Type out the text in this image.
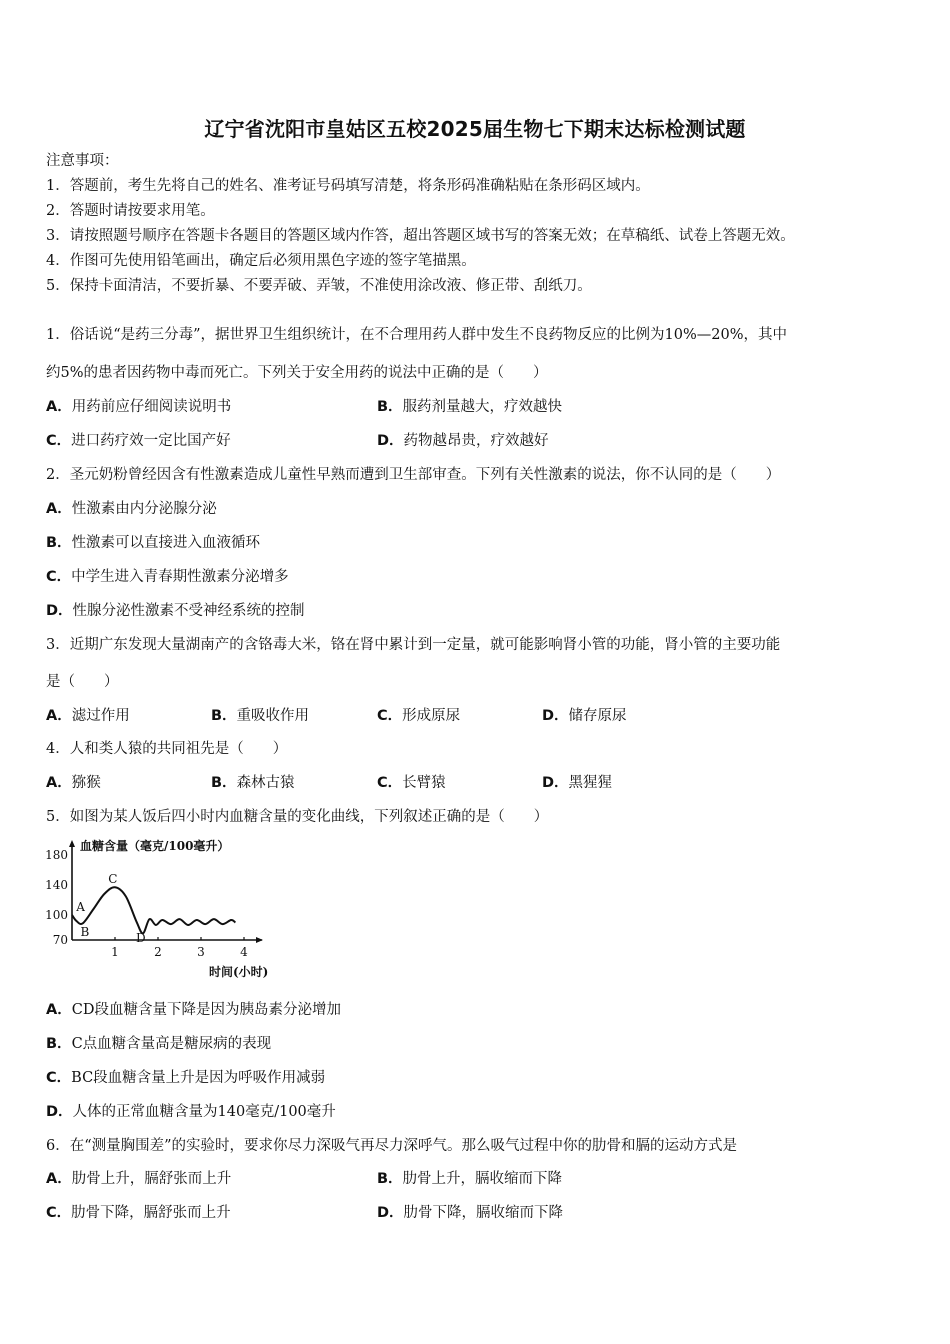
辽宁省沈阳市皇姑区五校2025届生物七下期末达标检测试题
注意事项：
1．答题前，考生先将自己的姓名、准考证号码填写清楚，将条形码准确粘贴在条形码区域内。
2．答题时请按要求用笔。
3．请按照题号顺序在答题卡各题目的答题区域内作答，超出答题区域书写的答案无效；在草稿纸、试卷上答题无效。
4．作图可先使用铅笔画出，确定后必须用黑色字迹的签字笔描黑。
5．保持卡面清洁，不要折暴、不要弄破、弄皱，不准使用涂改液、修正带、刮纸刀。
1．俗话说“是药三分毒”，据世界卫生组织统计，在不合理用药人群中发生不良药物反应的比例为10%—20%，其中
约5%的患者因药物中毒而死亡。下列关于安全用药的说法中正确的是（　　）
A．用药前应仔细阅读说明书	B．服药剂量越大，疗效越快
C．进口药疗效一定比国产好	D．药物越昂贵，疗效越好
2．圣元奶粉曾经因含有性激素造成儿童性早熟而遭到卫生部审查。下列有关性激素的说法，你不认同的是（　　）
A．性激素由内分泌腺分泌
B．性激素可以直接进入血液循环
C．中学生进入青春期性激素分泌增多
D．性腺分泌性激素不受神经系统的控制
3．近期广东发现大量湖南产的含铬毒大米，铬在肾中累计到一定量，就可能影响肾小管的功能，肾小管的主要功能
是（　　）
A．滤过作用	B．重吸收作用	C．形成原尿	D．储存原尿
4．人和类人猿的共同祖先是（　　）
A．猕猴	B．森林古猿	C．长臂猿	D．黑猩猩
5．如图为某人饭后四小时内血糖含量的变化曲线，下列叙述正确的是（　　）
180
140
100
70
1	2	3	4
血糖含量（毫克/100毫升）
时间(小时)
A
B
C
D
A．CD段血糖含量下降是因为胰岛素分泌增加
B．C点血糖含量高是糖尿病的表现
C．BC段血糖含量上升是因为呼吸作用减弱
D．人体的正常血糖含量为140毫克/100毫升
6．在“测量胸围差”的实验时，要求你尽力深吸气再尽力深呼气。那么吸气过程中你的肋骨和膈的运动方式是
A．肋骨上升，膈舒张而上升	B．肋骨上升，膈收缩而下降
C．肋骨下降，膈舒张而上升	D．肋骨下降，膈收缩而下降
